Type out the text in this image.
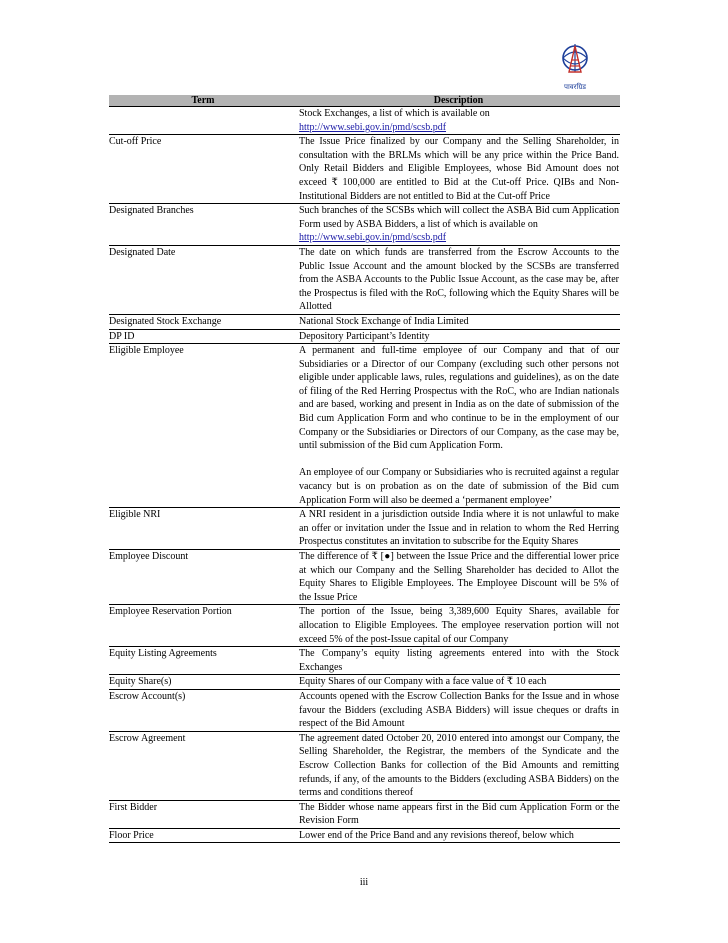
पावरग्रिड
Term	Description

	Stock Exchanges, a list of which is available on

http://www.sebi.gov.in/pmd/scsb.pdf
Cut-off Price	The Issue Price finalized by our Company and the Selling Shareholder, in consultation with the BRLMs which will be any price within the Price Band. Only Retail Bidders and Eligible Employees, whose Bid Amount does not exceed ₹ 100,000 are entitled to Bid at the Cut-off Price. QIBs and Non-Institutional Bidders are not entitled to Bid at the Cut-off Price

Designated Branches	Such branches of the SCSBs which will collect the ASBA Bid cum Application Form used by ASBA Bidders, a list of which is available on

http://www.sebi.gov.in/pmd/scsb.pdf
Designated Date	The date on which funds are transferred from the Escrow Accounts to the Public Issue Account and the amount blocked by the SCSBs are transferred from the ASBA Accounts to the Public Issue Account, as the case may be, after the Prospectus is filed with the RoC, following which the Equity Shares will be Allotted

Designated Stock Exchange	National Stock Exchange of India Limited

DP ID	Depository Participant’s Identity

Eligible Employee	A permanent and full-time employee of our Company and that of our Subsidiaries or a Director of our Company (excluding such other persons not eligible under applicable laws, rules, regulations and guidelines), as on the date of filing of the Red Herring Prospectus with the RoC, who are Indian nationals and are based, working and present in India as on the date of submission of the Bid cum Application Form and who continue to be in the employment of our Company or the Subsidiaries or Directors of our Company, as the case may be, until submission of the Bid cum Application Form.

An employee of our Company or Subsidiaries who is recruited against a regular vacancy but is on probation as on the date of submission of the Bid cum Application Form will also be deemed a ‘permanent employee’

Eligible NRI	A NRI resident in a jurisdiction outside India where it is not unlawful to make an offer or invitation under the Issue and in relation to whom the Red Herring Prospectus constitutes an invitation to subscribe for the Equity Shares

Employee Discount	The difference of ₹ [●] between the Issue Price and the differential lower price at which our Company and the Selling Shareholder has decided to Allot the Equity Shares to Eligible Employees. The Employee Discount will be 5% of the Issue Price

Employee Reservation Portion	The portion of the Issue, being 3,389,600 Equity Shares, available for allocation to Eligible Employees. The employee reservation portion will not exceed 5% of the post-Issue capital of our Company

Equity Listing Agreements	The Company’s equity listing agreements entered into with the Stock Exchanges

Equity Share(s)	Equity Shares of our Company with a face value of ₹ 10 each

Escrow Account(s)	Accounts opened with the Escrow Collection Banks for the Issue and in whose favour the Bidders (excluding ASBA Bidders) will issue cheques or drafts in respect of the Bid Amount

Escrow Agreement	The agreement dated October 20, 2010 entered into amongst our Company, the Selling Shareholder, the Registrar, the members of the Syndicate and the Escrow Collection Banks for collection of the Bid Amounts and remitting refunds, if any, of the amounts to the Bidders (excluding ASBA Bidders) on the terms and conditions thereof

First Bidder	The Bidder whose name appears first in the Bid cum Application Form or the Revision Form

Floor Price	Lower end of the Price Band and any revisions thereof, below which

iii
